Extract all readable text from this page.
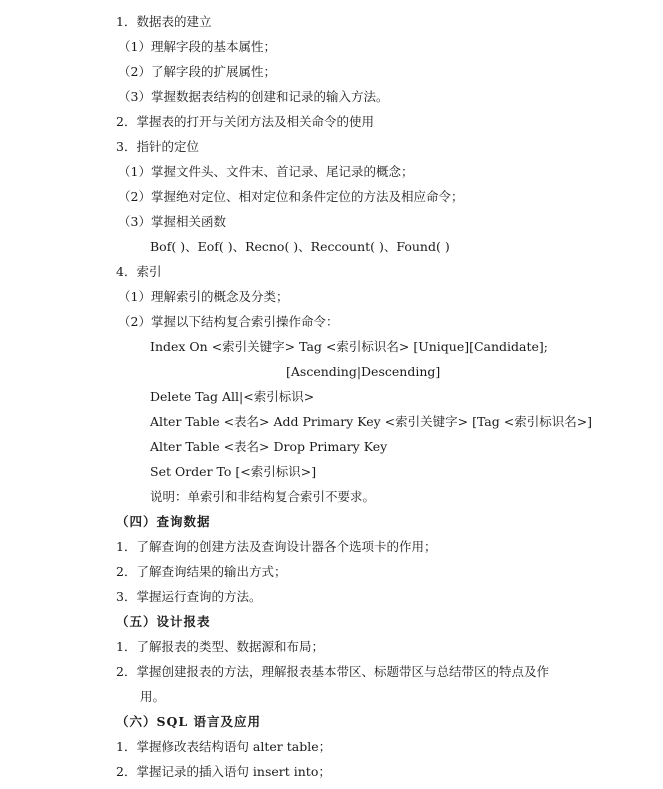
1．数据表的建立
（1）理解字段的基本属性；
（2）了解字段的扩展属性；
（3）掌握数据表结构的创建和记录的输入方法。
2．掌握表的打开与关闭方法及相关命令的使用
3．指针的定位
（1）掌握文件头、文件末、首记录、尾记录的概念；
（2）掌握绝对定位、相对定位和条件定位的方法及相应命令；
（3）掌握相关函数
Bof( )、Eof( )、Recno( )、Reccount( )、Found( )
4．索引
（1）理解索引的概念及分类；
（2）掌握以下结构复合索引操作命令：
Index On <索引关键字> Tag <索引标识名> [Unique][Candidate];
[Ascending|Descending]
Delete Tag All|<索引标识>
Alter Table <表名> Add Primary Key <索引关键字> [Tag <索引标识名>]
Alter Table <表名> Drop Primary Key
Set Order To [<索引标识>]
说明：单索引和非结构复合索引不要求。
（四）查询数据
1．了解查询的创建方法及查询设计器各个选项卡的作用；
2．了解查询结果的输出方式；
3．掌握运行查询的方法。
（五）设计报表
1．了解报表的类型、数据源和布局；
2．掌握创建报表的方法，理解报表基本带区、标题带区与总结带区的特点及作
用。
（六）SQL 语言及应用
1．掌握修改表结构语句 alter table；
2．掌握记录的插入语句 insert into；
